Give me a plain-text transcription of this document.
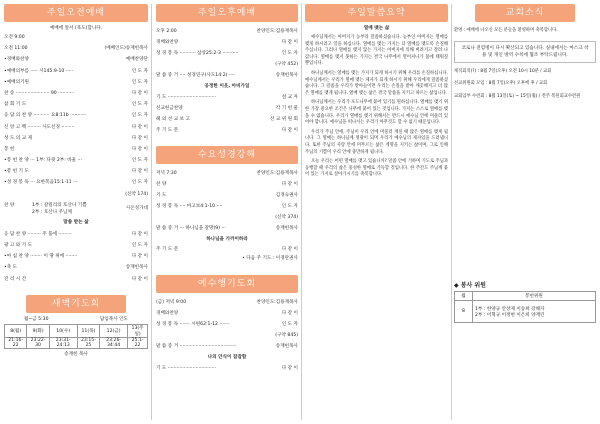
주일오전예배
예배에 앞서 (묵도)합니다.
오전 9:00
오전 11:00	(예배인도)송재헌목사
•경배와찬양	예배찬양단
•예배의부름 ····· 시145:9-10 ·····	인 도 자
•예배의기원	인 도 자
찬 송 ······················· 90 ···········	다 같 이
참 회 기 도	인 도 자
응 답 의 찬 양 ··········· 요8:11b ···········	인 도 자
신 앙 고 백 ········· 사도신경 ·········	다 같 이
성 도 의 교 제	다 같 이
봉 헌	다 같 이
•봉 헌 찬 양 ··· 1부: 다윗 2부: 바울 ···	인 도 자
•봉 헌 기 도	다 같 이
•성 경 봉 독 ··· 요한복음15:1-11 ···	인 도 자
(신약 174)
찬 양	1부 : 갈릴리의 호산나 기쁨
2부 : 호산나 주님께
시온성가대
말씀 받는 삶
응 답 찬 양 ········· 주 품에 ·········	다 같 이
광 고 와 기 도	인 도 자
•마 침 찬 양 ········ 이 땅 위에 ········	다 같 이
•축 도	송재헌목사
진 리 시 간	다 같 이
새벽기도회
월~금 5:30	담임목사 인도
8(월)	9(화)	10(수)	11(목)	12(금)	13(주일)
21:16-22	23:22-30	23:31-24:13	23:15-25	23:26-34:44	25:1-22
송재헌 목사
주일오후예배
오후 2:00	찬양인도:김용재목사
경배와찬양	다 같 이
성 경 봉 독 ··········· 삼상25:2-3 ···········	인 도 자
(구약 452)
말 씀 증 거 ···· 성경연구(사도14:2) ····	송재헌목사
공정한 이웃, 아비가일
기 도 ·································	설 교 자
선교헌금찬양	각 기 헌 물
헤 외 선 교 보 고	선 교 위 원 회
주 기 도 문	다 같 이
수요성경강해
저녁 7:30	찬양인도:김용재목사
찬 양	다 같 이
기 도	김경숙권사
성 경 봉 독 ···· 마고보4:1-10 ····	인 도 자
(신약 374)
말 씀 증 거 ··· 하나님을 갈망(9) ···	송재헌목사
하나님을 가까이하라
주 기 도 문	다 같 이
• 다음 주 기도 : 이경란권사
예수행기도회
(금) 저녁 9:00	찬양인도:김용재목사
경배와찬양	다 같 이
성 경 봉 독 ······· 시편62:1-12 ·······	인 도 자
(구약 845)
말 씀 증 거 ·······································	송재헌목사
나의 안식이 잠잠함
기 도 ·································	다 같 이
주일말씀요약
열매 맺는 삶
예수님께서는 아버지가 농부라 말씀하셨습니다. 농부인 아버지는 열매를 맺게 하시려고 일을 하십니다. 열매를 맺는 가지는 더 열매를 맺도록 손질해주십니다. 그러나 열매를 맺지 않는 가지는 아버지에 의해 버려지고 잘려 나갑니다. 열매를 맺지 못하는 가지는 결국 나무에서 떨어져나가 불에 태워질 뿐입니다.
하나님께서는 열매를 맺는 가지가 되게 하시기 위해 우리를 손질하십니다. 예수님께서는 우리가 열매 맺는 제자가 되게 하시기 위해 우리에게 말씀하셨습니다. 그 말씀을 우리가 받아들이면 우리는 손질을 받아 깨끗해지고 더 많은 열매를 맺게 됩니다. 열매 맺는 삶은 결국 말씀을 지키고 따르는 삶입니다.
하나님께서는 우리가 포도나무에 붙어 있기를 원하십니다. 열매를 맺기 위한 가장 중요한 조건은 나무에 붙어 있는 것입니다. 가지는 스스로 열매를 맺을 수 없습니다. 우리가 열매를 맺기 위해서는 반드시 예수님 안에 머물러 있어야 합니다. 예수님을 떠나서는 우리가 아무것도 할 수 없기 때문입니다.
우리가 주님 안에, 주님이 우리 안에 머물러 계실 때 많은 열매를 맺게 됩니다. 그 열매는 하나님께 영광이 되며 우리가 예수님의 제자임을 드러냅니다. 또한 주님의 사랑 안에 머무르는 삶은 계명을 지키는 삶이며, 그로 인해 주님의 기쁨이 우리 안에 충만하게 됩니다.
오늘 우리는 어떤 열매를 맺고 있습니까? 말씀 안에 거하며 기도로 주님과 동행할 때 우리의 삶은 풍성한 열매로 가득할 것입니다. 한 주간도 주님께 붙어 있는 가지로 살아가시기를 축복합니다.
교회소식
환영 : 예배에 나오신 모든 분들을 환영하며 축복합니다.
코로나 전염병이 다시 확산되고 있습니다. 실내에서는 마스크 착용 및 개인 방역 수칙에 협조 부탁드립니다.
제직회의(?) : 8월 7일(오후) 오전 10시 10분 / 교회
선교위원회 모임 : 8월 7일(오후) 오후에 후 / 교회
교회임부 수련회 : 8월 13일(토) ~ 15일(월) / 전주 복된회교수련원
◆ 봉사 위원
월	봉헌위원
8	1부 : 한양규 안상제 이승희 강해자
2부 : 이혁규 이정현 이은희 양재린
